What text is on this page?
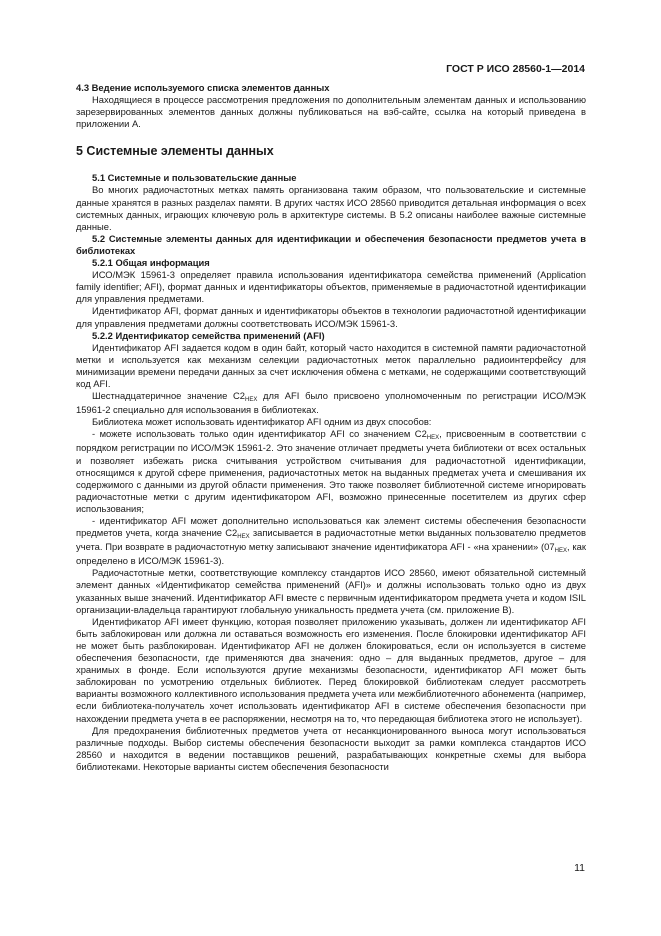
ГОСТ Р ИСО 28560-1—2014

4.3 Ведение используемого списка элементов данных

Находящиеся в процессе рассмотрения предложения по дополнительным элементам данных и использованию зарезервированных элементов данных должны публиковаться на вэб-сайте, ссылка на который приведена в приложении А.

5 Системные элементы данных

5.1 Системные и пользовательские данные

Во многих радиочастотных метках память организована таким образом, что пользовательские и системные данные хранятся в разных разделах памяти. В других частях ИСО 28560 приводится детальная информация о всех системных данных, играющих ключевую роль в архитектуре системы. В 5.2 описаны наиболее важные системные данные.

5.2 Системные элементы данных для идентификации и обеспечения безопасности предметов учета в библиотеках

5.2.1 Общая информация

ИСО/МЭК 15961-3 определяет правила использования идентификатора семейства применений (Application family identifier; AFI), формат данных и идентификаторы объектов, применяемые в радиочастотной идентификации для управления предметами.

Идентификатор AFI, формат данных и идентификаторы объектов в технологии радиочастотной идентификации для управления предметами должны соответствовать ИСО/МЭК 15961-3.

5.2.2 Идентификатор семейства применений (AFI)

Идентификатор AFI задается кодом в один байт, который часто находится в системной памяти радиочастотной метки и используется как механизм селекции радиочастотных меток параллельно радиоинтерфейсу для минимизации времени передачи данных за счет исключения обмена с метками, не содержащими соответствующий код AFI.

Шестнадцатеричное значение $C2_{HEX}$ для AFI было присвоено уполномоченным по регистрации ИСО/МЭК 15961-2 специально для использования в библиотеках.

Библиотека может использовать идентификатор AFI одним из двух способов:

- можете использовать только один идентификатор AFI со значением $C2_{HEX}$, присвоенным в соответствии с порядком регистрации по ИСО/МЭК 15961-2. Это значение отличает предметы учета библиотеки от всех остальных и позволяет избежать риска считывания устройством считывания для радиочастотной идентификации, относящимся к другой сфере применения, радиочастотных меток на выданных предметах учета и смешивания их содержимого с данными из другой области применения. Это также позволяет библиотечной системе игнорировать радиочастотные метки с другим идентификатором AFI, возможно принесенные посетителем из других сфер использования;

- идентификатор AFI может дополнительно использоваться как элемент системы обеспечения безопасности предметов учета, когда значение $C2_{HEX}$ записывается в радиочастотные метки выданных пользователю предметов учета. При возврате в радиочастотную метку записывают значение идентификатора AFI - «на хранении» ($07_{HEX}$, как определено в ИСО/МЭК 15961-3).

Радиочастотные метки, соответствующие комплексу стандартов ИСО 28560, имеют обязательной системный элемент данных «Идентификатор семейства применений (AFI)» и должны использовать только одно из двух указанных выше значений. Идентификатор AFI вместе с первичным идентификатором предмета учета и кодом ISIL организации-владельца гарантируют глобальную уникальность предмета учета (см. приложение В).

Идентификатор AFI имеет функцию, которая позволяет приложению указывать, должен ли идентификатор AFI быть заблокирован или должна ли оставаться возможность его изменения. После блокировки идентификатор AFI не может быть разблокирован. Идентификатор AFI не должен блокироваться, если он используется в системе обеспечения безопасности, где применяются два значения: одно – для выданных предметов, другое – для хранимых в фонде. Если используются другие механизмы безопасности, идентификатор AFI может быть заблокирован по усмотрению отдельных библиотек. Перед блокировкой библиотекам следует рассмотреть варианты возможного коллективного использования предмета учета или межбиблиотечного абонемента (например, если библиотека-получатель хочет использовать идентификатор AFI в системе обеспечения безопасности при нахождении предмета учета в ее распоряжении, несмотря на то, что передающая библиотека этого не использует).

Для предохранения библиотечных предметов учета от несанкционированного выноса могут использоваться различные подходы. Выбор системы обеспечения безопасности выходит за рамки комплекса стандартов ИСО 28560 и находится в ведении поставщиков решений, разрабатывающих конкретные схемы для выбора библиотеками. Некоторые варианты систем обеспечения безопасности

11
